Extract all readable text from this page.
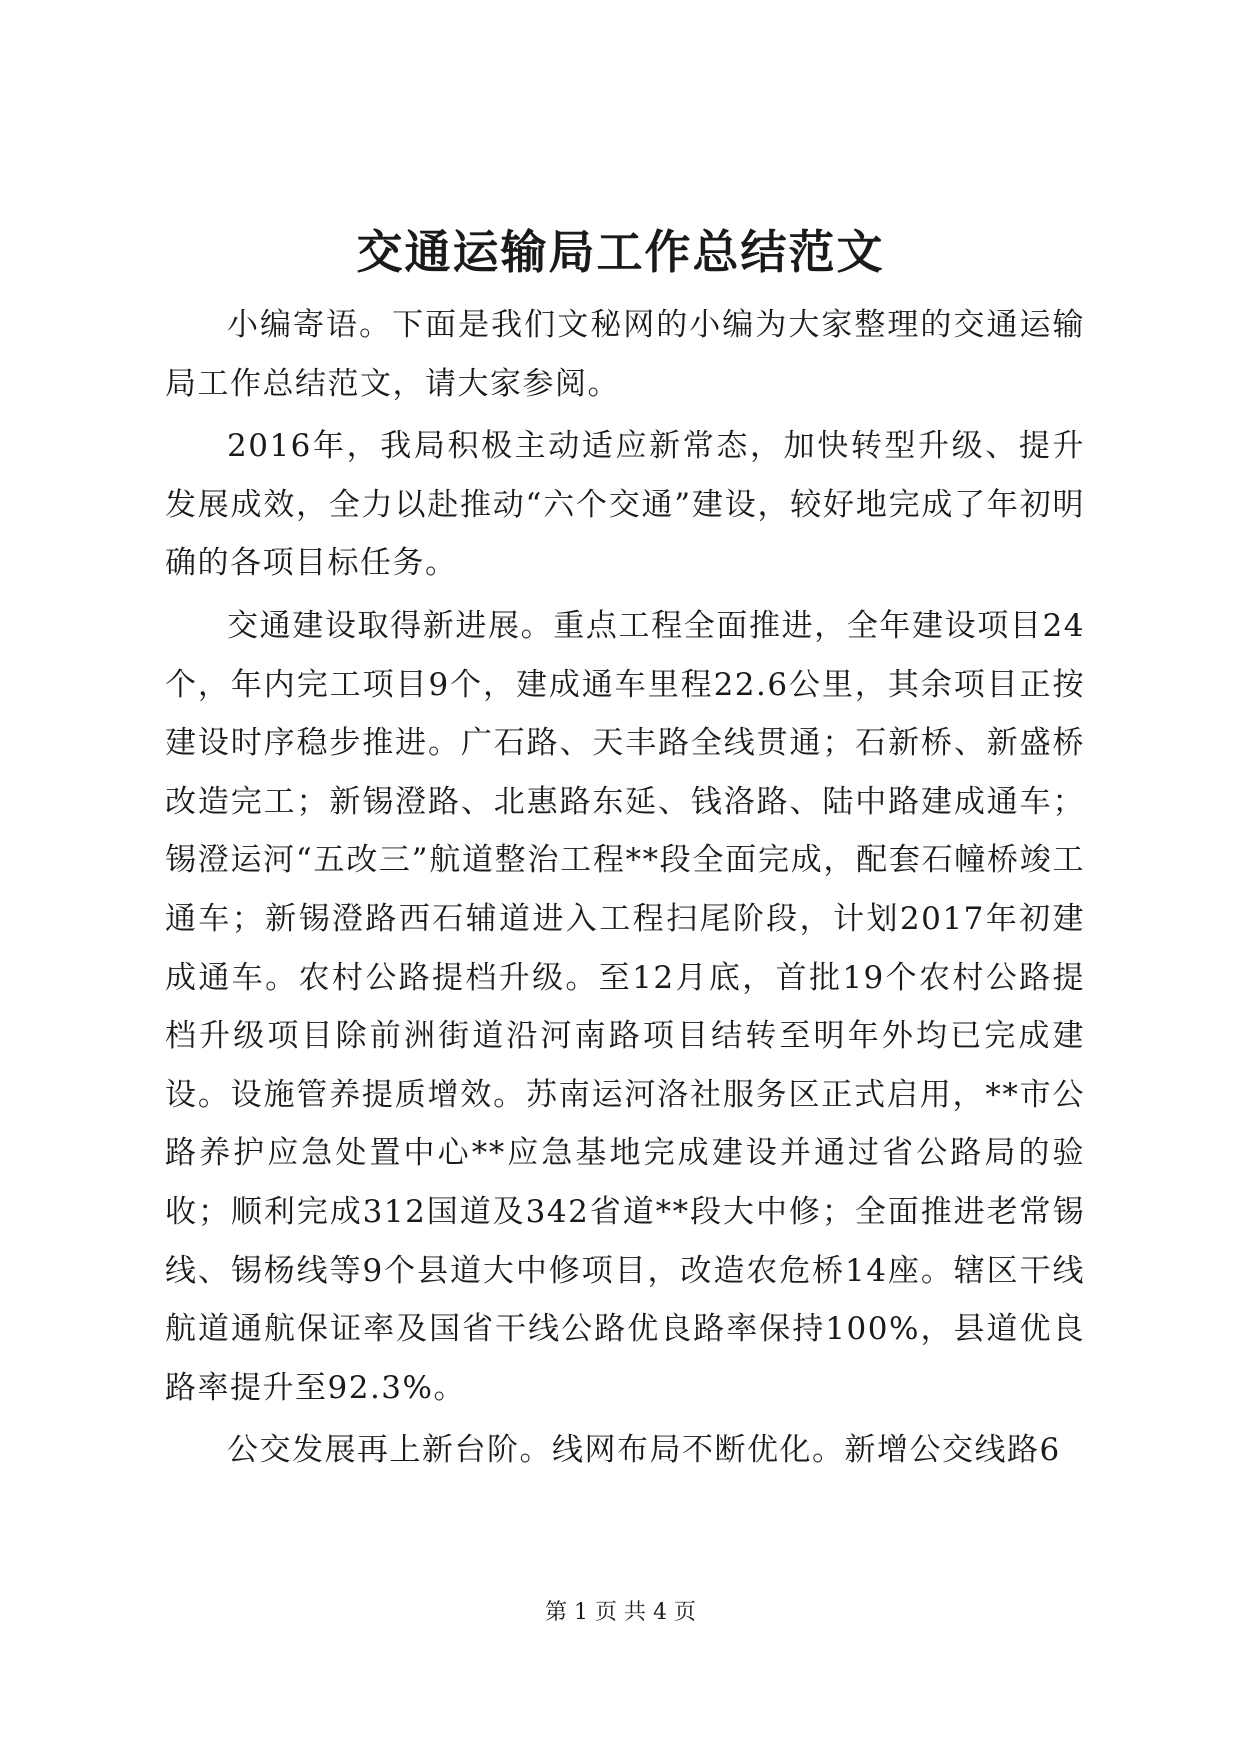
交通运输局工作总结范文

小编寄语。下面是我们文秘网的小编为大家整理的交通运输局工作总结范文，请大家参阅。

2016年，我局积极主动适应新常态，加快转型升级、提升发展成效，全力以赴推动“六个交通”建设，较好地完成了年初明确的各项目标任务。

交通建设取得新进展。重点工程全面推进，全年建设项目24个，年内完工项目9个，建成通车里程22.6公里，其余项目正按建设时序稳步推进。广石路、天丰路全线贯通；石新桥、新盛桥改造完工；新锡澄路、北惠路东延、钱洛路、陆中路建成通车；锡澄运河“五改三”航道整治工程**段全面完成，配套石幢桥竣工通车；新锡澄路西石辅道进入工程扫尾阶段，计划2017年初建成通车。农村公路提档升级。至12月底，首批19个农村公路提档升级项目除前洲街道沿河南路项目结转至明年外均已完成建设。设施管养提质增效。苏南运河洛社服务区正式启用，**市公路养护应急处置中心**应急基地完成建设并通过省公路局的验收；顺利完成312国道及342省道**段大中修；全面推进老常锡线、锡杨线等9个县道大中修项目，改造农危桥14座。辖区干线航道通航保证率及国省干线公路优良路率保持100%，县道优良路率提升至92.3%。

公交发展再上新台阶。线网布局不断优化。新增公交线路6

第 1 页 共 4 页
